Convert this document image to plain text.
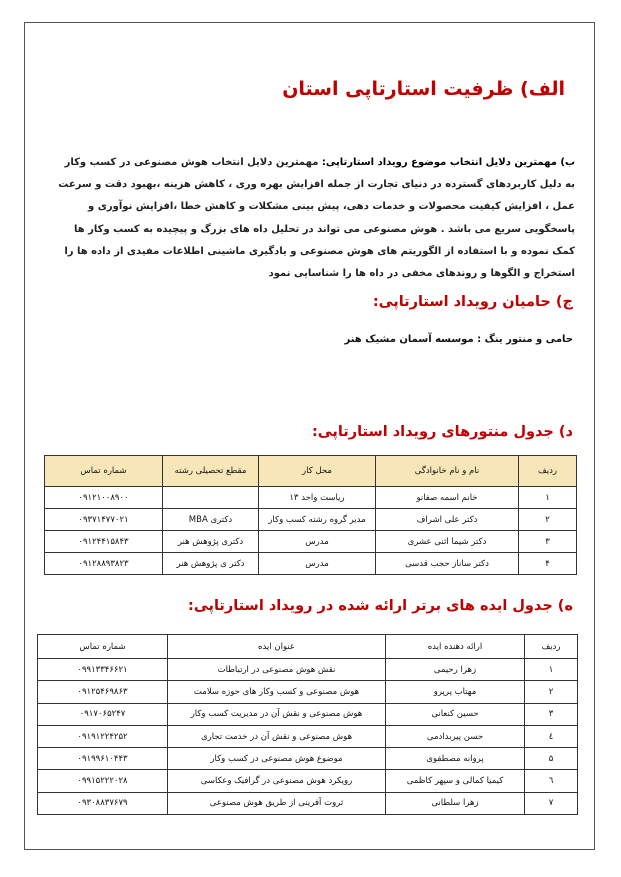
الف) ظرفیت استارتاپی استان

ب) مهمترین دلایل انتخاب موضوع رویداد استارتاپی: مهمترین دلایل انتخاب هوش مصنوعی در کسب وکار به دلیل کاربردهای گسترده در دنیای تجارت از جمله افزایش بهره وری ، کاهش هزینه ،بهبود دقت و سرعت عمل ، افزایش کیفیت محصولات و خدمات دهی، پیش بینی مشکلات و کاهش خطا ،افزایش نوآوری و پاسخگویی سریع می باشد . هوش مصنوعی می تواند در تحلیل داه های بزرگ و پیچیده به کسب وکار ها کمک نموده و با استفاده از الگوریتم های هوش مصنوعی و یادگیری ماشینی اطلاعات مفیدی از داده ها را استخراج و الگوها و روندهای مخفی در داه ها را شناسایی نمود

ج) حامیان رویداد استارتاپی:

حامی و منتور ینگ : موسسه آسمان مشیک هنر

د) جدول منتورهای رویداد استارتاپی:
ردیف	نام و نام خانوادگی	محل کار	مقطع تحصیلی رشته	شماره تماس
۱	خانم اسمه صفانو	ریاست واحد ۱۳		۰۹۱۲۱۰۰۸۹۰۰
۲	دکتر علی اشراف	مدیر گروه رشته کسب وکار	دکتری MBA	۰۹۳۷۱۴۷۷۰۲۱
۳	دکتر شیما اثنی عشری	مدرس	دکتری پژوهش هنر	۰۹۱۲۴۴۱۵۸۴۳
۴	دکتر ساناز حجب قدسی	مدرس	دکتر ی پژوهش هنر	۰۹۱۲۸۸۹۳۸۲۳
ه) جدول ایده های برتر ارائه شده در رویداد استارتاپی:
ردیف	ارائه دهنده ایده	عنوان ایده	شماره تماس
۱	زهرا رحیمی	نقش هوش مصنوعی در ارتباطات	۰۹۹۱۳۳۴۶۶۲۱
۲	مهتاب پرپرو	هوش مصنوعی و کسب وکار های حوزه سلامت	۰۹۱۲۵۴۶۹۸۶۳
۳	حسین کنعانی	هوش مصنوعی و نقش آن در مدیریت کسب وکار	۰۹۱۷۰۶۵۲۴۷
٤	حسن پیربدادمی	هوش مصنوعی و نقش آن در خدمت تجاری	۰۹۱۹۱۲۲۴۲۵۲
۵	پروانه مصطفوی	موضوع هوش مصنوعی در کسب وکار	۰۹۱۹۹۶۱۰۴۴۳
٦	کیمیا کمالی و سپهر کاظمی	رویکرد هوش مصنوعی در گرافیک وعکاسی	۰۹۹۱۵۲۲۲۰۲۸
۷	زهرا سلطانی	ثروت آفرینی از طریق هوش مصنوعی	۰۹۳۰۸۸۳۷۶۷۹
